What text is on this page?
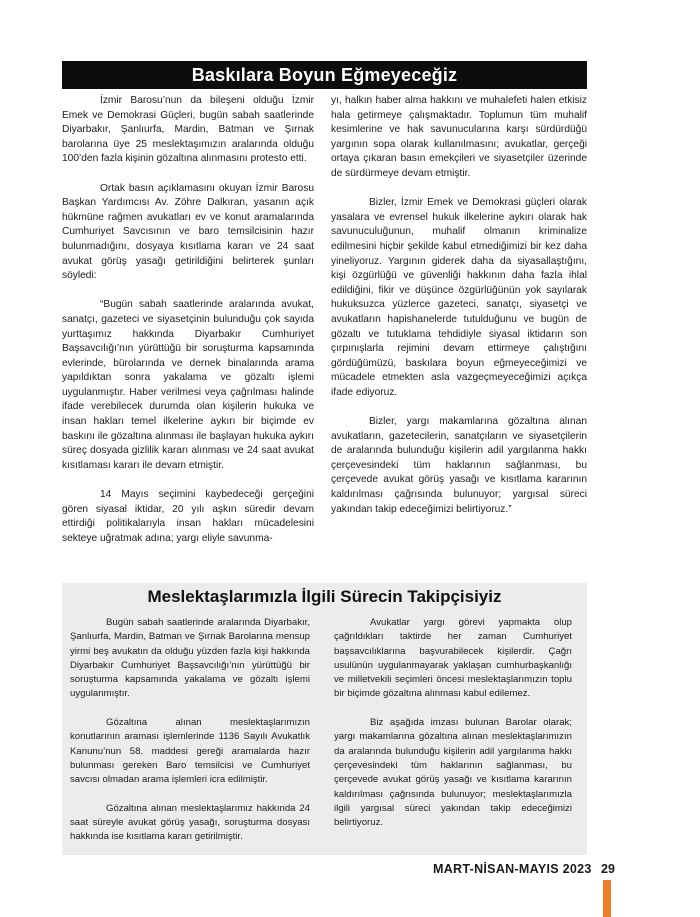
Baskılara Boyun Eğmeyeceğiz

İzmir Barosu’nun da bileşeni olduğu İzmir Emek ve Demokrasi Güçleri, bugün sabah saatlerinde Diyarbakır, Şanlıurfa, Mardin, Batman ve Şırnak barolarına üye 25 meslektaşımızın aralarında olduğu 100’den fazla kişinin gözaltına alınmasını protesto etti.

Ortak basın açıklamasını okuyan İzmir Barosu Başkan Yardımcısı Av. Zöhre Dalkıran, yasanın açık hükmüne rağmen avukatları ev ve konut aramalarında Cumhuriyet Savcısının ve baro temsilcisinin hazır bulunmadığını, dosyaya kısıtlama kararı ve 24 saat avukat görüş yasağı getirildiğini belirterek şunları söyledi:

“Bugün sabah saatlerinde aralarında avukat, sanatçı, gazeteci ve siyasetçinin bulunduğu çok sayıda yurttaşımız hakkında Diyarbakır Cumhuriyet Başsavcılığı’nın yürüttüğü bir soruşturma kapsamında evlerinde, bürolarında ve dernek binalarında arama yapıldıktan sonra yakalama ve gözaltı işlemi uygulanmıştır. Haber verilmesi veya çağrılması halinde ifade verebilecek durumda olan kişilerin hukuka ve insan hakları temel ilkelerine aykırı bir biçimde ev baskını ile gözaltına alınması ile başlayan hukuka aykırı süreç dosyada gizlilik kararı alınması ve 24 saat avukat kısıtlaması kararı ile devam etmiştir.

14 Mayıs seçimini kaybedeceği gerçeğini gören siyasal iktidar, 20 yılı aşkın süredir devam ettirdiği politikalarıyla insan hakları mücadelesini sekteye uğratmak adına; yargı eliyle savunma-

yı, halkın haber alma hakkını ve muhalefeti halen etkisiz hala getirmeye çalışmaktadır. Toplumun tüm muhalif kesimlerine ve hak savunucularına karşı sürdürdüğü yargının sopa olarak kullanılmasını; avukatlar, gerçeği ortaya çıkaran basın emekçileri ve siyasetçiler üzerinde de sürdürmeye devam etmiştir.

Bizler, İzmir Emek ve Demokrasi güçleri olarak yasalara ve evrensel hukuk ilkelerine aykırı olarak hak savunuculuğunun, muhalif olmanın kriminalize edilmesini hiçbir şekilde kabul etmediğimizi bir kez daha yineliyoruz. Yargının giderek daha da siyasallaştığını, kişi özgürlüğü ve güvenliği hakkının daha fazla ihlal edildiğini, fikir ve düşünce özgürlüğünün yok sayılarak hukuksuzca yüzlerce gazeteci, sanatçı, siyasetçi ve avukatların hapishanelerde tutulduğunu ve bugün de gözaltı ve tutuklama tehdidiyle siyasal iktidarın son çırpınışlarla rejimini devam ettirmeye çalıştığını gördüğümüzü, baskılara boyun eğmeyeceğimizi ve mücadele etmekten asla vazgeçmeyeceğimizi açıkça ifade ediyoruz.

Bizler, yargı makamlarına gözaltına alınan avukatların, gazetecilerin, sanatçıların ve siyasetçilerin de aralarında bulunduğu kişilerin adil yargılanma hakkı çerçevesindeki tüm haklarının sağlanması, bu çerçevede avukat görüş yasağı ve kısıtlama kararının kaldırılması çağrısında bulunuyor; yargısal süreci yakından takip edeceğimizi belirtiyoruz.”

Meslektaşlarımızla İlgili Sürecin Takipçisiyiz

Bugün sabah saatlerinde aralarında Diyarbakır, Şanlıurfa, Mardin, Batman ve Şırnak Barolarına mensup yirmi beş avukatın da olduğu yüzden fazla kişi hakkında Diyarbakır Cumhuriyet Başsavcılığı’nın yürüttüğü bir soruşturma kapsamında yakalama ve gözaltı işlemi uygulanmıştır.

Gözaltına alınan meslektaşlarımızın konutlarının araması işlemlerinde 1136 Sayılı Avukatlık Kanunu’nun 58. maddesi gereği aramalarda hazır bulunması gereken Baro temsilcisi ve Cumhuriyet savcısı olmadan arama işlemleri icra edilmiştir.

Gözaltına alınan meslektaşlarımız hakkında 24 saat süreyle avukat görüş yasağı, soruşturma dosyası hakkında ise kısıtlama kararı getirilmiştir.

Avukatlar yargı görevi yapmakta olup çağrıldıkları taktirde her zaman Cumhuriyet başsavcılıklarına başvurabilecek kişilerdir. Çağrı usulünün uygulanmayarak yaklaşan cumhurbaşkanlığı ve milletvekili seçimleri öncesi meslektaşlarımızın toplu bir biçimde gözaltına alınması kabul edilemez.

Biz aşağıda imzası bulunan Barolar olarak; yargı makamlarına gözaltına alınan meslektaşlarımızın da aralarında bulunduğu kişilerin adil yargılanma hakkı çerçevesindeki tüm haklarının sağlanması, bu çerçevede avukat görüş yasağı ve kısıtlama kararının kaldırılması çağrısında bulunuyor; meslektaşlarımızla ilgili yargısal süreci yakından takip edeceğimizi belirtiyoruz.

MART-NİSAN-MAYIS 2023 29
